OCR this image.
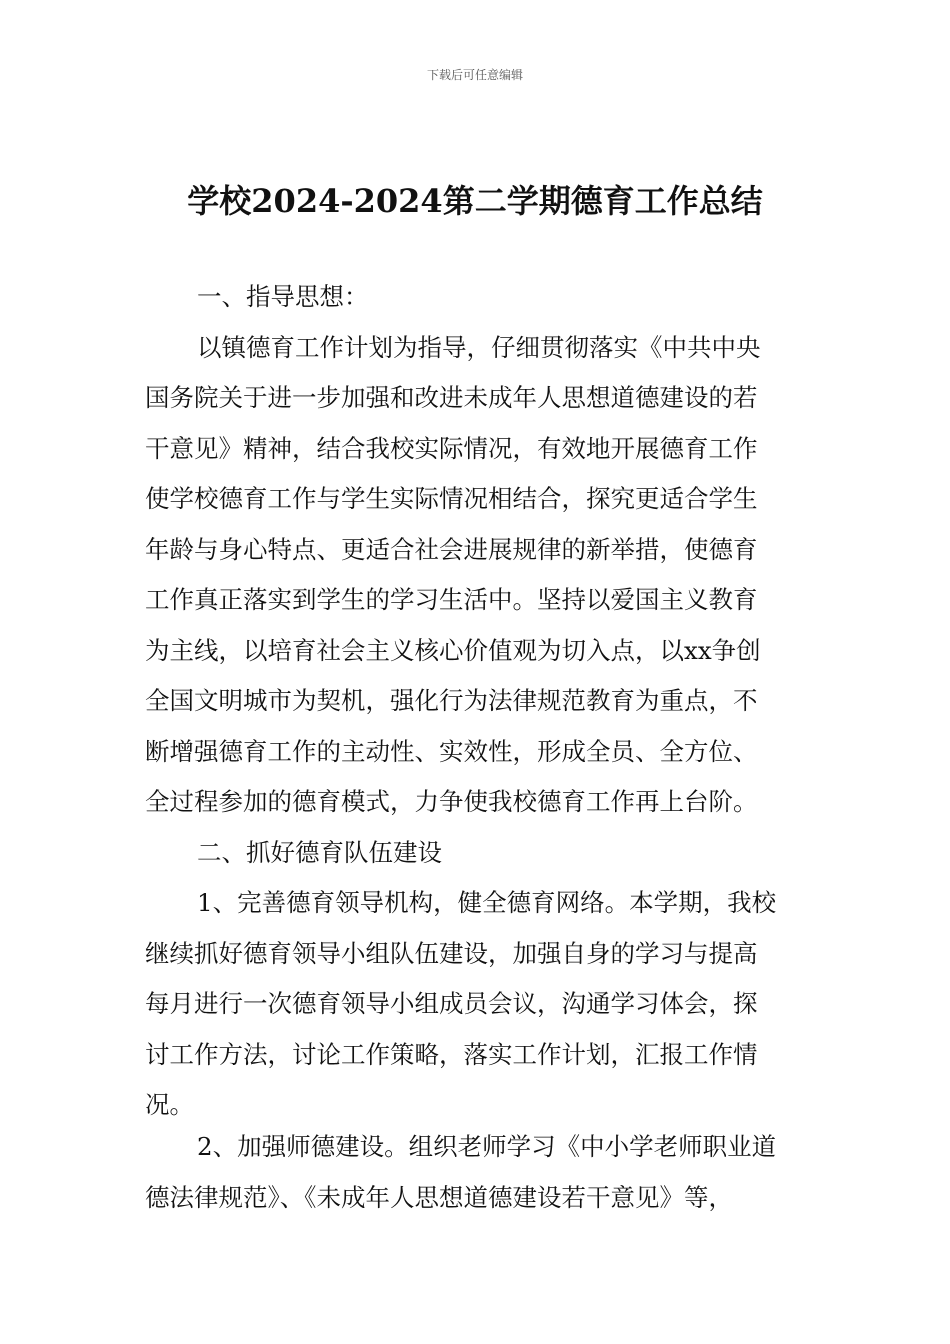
下载后可任意编辑
学校2024-2024第二学期德育工作总结
一、指导思想：
以镇德育工作计划为指导，仔细贯彻落实《中共中央
国务院关于进一步加强和改进未成年人思想道德建设的若
干意见》精神，结合我校实际情况，有效地开展德育工作
使学校德育工作与学生实际情况相结合，探究更适合学生
年龄与身心特点、更适合社会进展规律的新举措，使德育
工作真正落实到学生的学习生活中。坚持以爱国主义教育
为主线，以培育社会主义核心价值观为切入点，以xx争创
全国文明城市为契机，强化行为法律规范教育为重点，不
断增强德育工作的主动性、实效性，形成全员、全方位、
全过程参加的德育模式，力争使我校德育工作再上台阶。
二、抓好德育队伍建设
1、完善德育领导机构，健全德育网络。本学期，我校
继续抓好德育领导小组队伍建设，加强自身的学习与提高
每月进行一次德育领导小组成员会议，沟通学习体会，探
讨工作方法，讨论工作策略，落实工作计划，汇报工作情
况。
2、加强师德建设。组织老师学习《中小学老师职业道
德法律规范》、《未成年人思想道德建设若干意见》等，
